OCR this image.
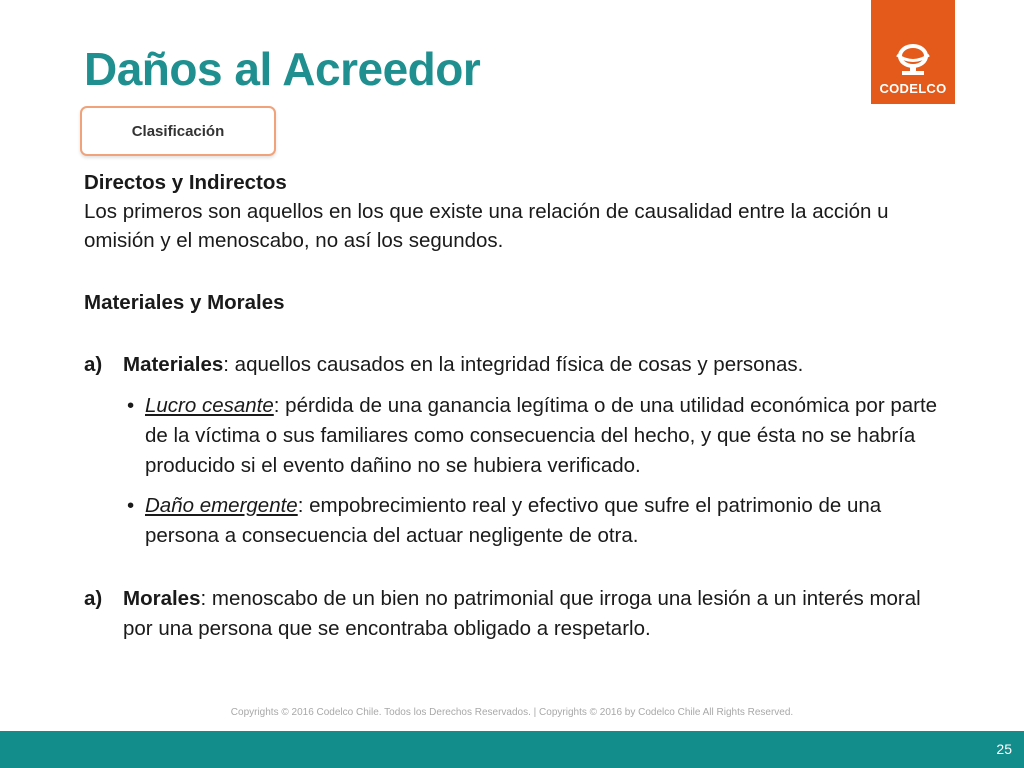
Daños al Acreedor	CODELCO
Clasificación

Directos y Indirectos

Los primeros son aquellos en los que existe una relación de causalidad entre la acción u omisión y el menoscabo, no así los segundos.

Materiales y Morales
a) Materiales: aquellos causados en la integridad física de cosas y personas.
• Lucro cesante: pérdida de una ganancia legítima o de una utilidad económica por parte de la víctima o sus familiares como consecuencia del hecho, y que ésta no se habría producido si el evento dañino no se hubiera verificado.
• Daño emergente: empobrecimiento real y efectivo que sufre el patrimonio de una persona a consecuencia del actuar negligente de otra.
a) Morales: menoscabo de un bien no patrimonial que irroga una lesión a un interés moral por una persona que se encontraba obligado a respetarlo.
Copyrights © 2016 Codelco Chile. Todos los Derechos Reservados. | Copyrights © 2016 by Codelco Chile All Rights Reserved.
25
